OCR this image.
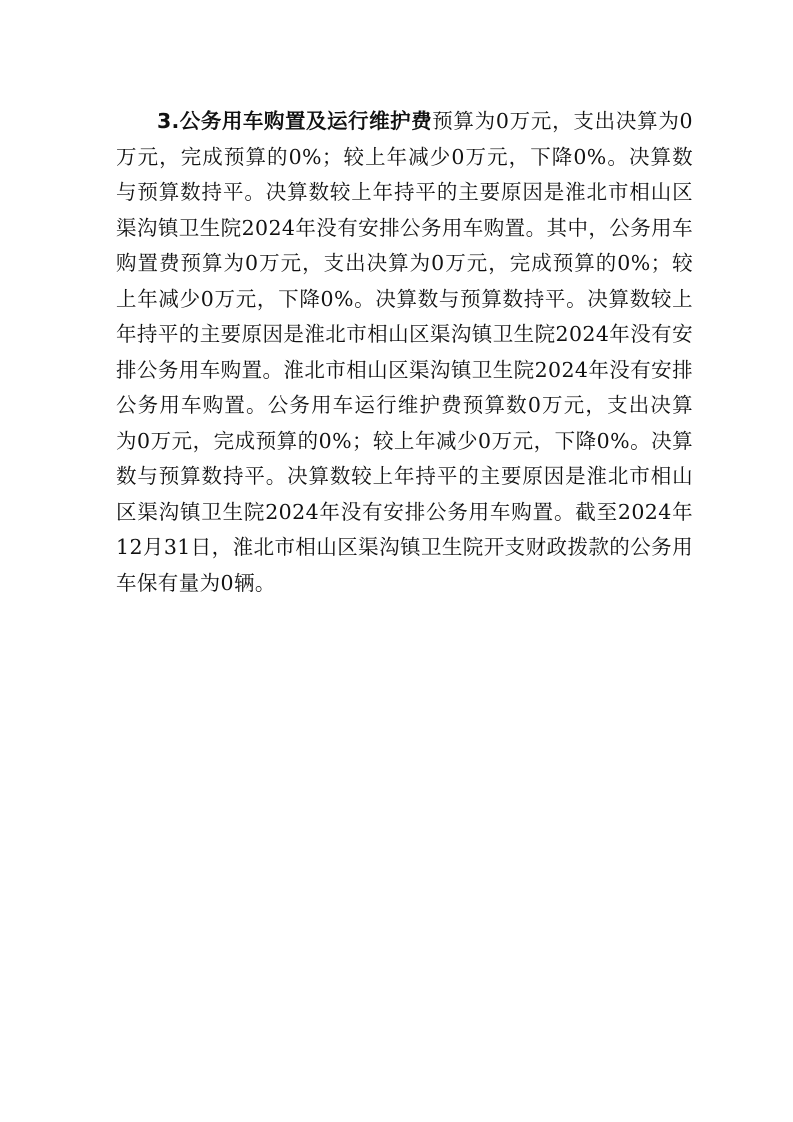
3.公务用车购置及运行维护费预算为0万元，支出决算为0万元，完成预算的0%；较上年减少0万元，下降0%。决算数与预算数持平。决算数较上年持平的主要原因是淮北市相山区渠沟镇卫生院2024年没有安排公务用车购置。其中，公务用车购置费预算为0万元，支出决算为0万元，完成预算的0%；较上年减少0万元，下降0%。决算数与预算数持平。决算数较上年持平的主要原因是淮北市相山区渠沟镇卫生院2024年没有安排公务用车购置。淮北市相山区渠沟镇卫生院2024年没有安排公务用车购置。公务用车运行维护费预算数0万元，支出决算为0万元，完成预算的0%；较上年减少0万元，下降0%。决算数与预算数持平。决算数较上年持平的主要原因是淮北市相山区渠沟镇卫生院2024年没有安排公务用车购置。截至2024年12月31日，淮北市相山区渠沟镇卫生院开支财政拨款的公务用车保有量为0辆。
